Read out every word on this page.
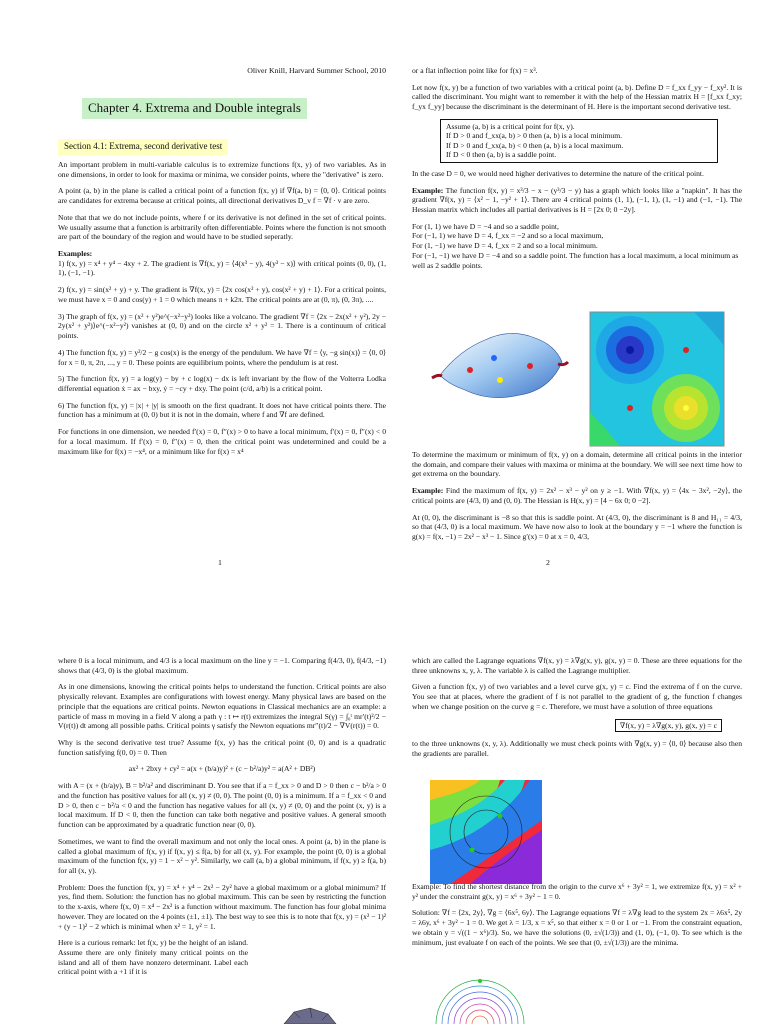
Oliver Knill, Harvard Summer School, 2010
Chapter 4. Extrema and Double integrals
Section 4.1: Extrema, second derivative test

An important problem in multi-variable calculus is to extremize functions f(x, y) of two variables. As in one dimensions, in order to look for maxima or minima, we consider points, where the "derivative" is zero.

A point (a, b) in the plane is called a critical point of a function f(x, y) if ∇f(a, b) = ⟨0, 0⟩. Critical points are candidates for extrema because at critical points, all directional derivatives D_v f = ∇f · v are zero.

Note that that we do not include points, where f or its derivative is not defined in the set of critical points. We usually assume that a function is arbitrarily often differentiable. Points where the function is not smooth are part of the boundary of the region and would have to be studied seperatly.

Examples:

1) f(x, y) = x⁴ + y⁴ − 4xy + 2. The gradient is ∇f(x, y) = ⟨4(x³ − y), 4(y³ − x)⟩ with critical points (0, 0), (1, 1), (−1, −1).

2) f(x, y) = sin(x² + y) + y. The gradient is ∇f(x, y) = ⟨2x cos(x² + y), cos(x² + y) + 1⟩. For a critical points, we must have x = 0 and cos(y) + 1 = 0 which means π + k2π. The critical points are at (0, π), (0, 3π), ....

3) The graph of f(x, y) = (x² + y²)e^(−x²−y²) looks like a volcano. The gradient ∇f = ⟨2x − 2x(x² + y²), 2y − 2y(x² + y²)⟩e^(−x²−y²) vanishes at (0, 0) and on the circle x² + y² = 1. There is a continuum of critical points.

4) The function f(x, y) = y²/2 − g cos(x) is the energy of the pendulum. We have ∇f = ⟨y, −g sin(x)⟩ = ⟨0, 0⟩ for x = 0, π, 2π, ..., y = 0. These points are equilibrium points, where the pendulum is at rest.

5) The function f(x, y) = a log(y) − by + c log(x) − dx is left invariant by the flow of the Volterra Lodka differential equation ẋ = ax − bxy, ẏ = −cy + dxy. The point (c/d, a/b) is a critical point.

6) The function f(x, y) = |x| + |y| is smooth on the first quadrant. It does not have critical points there. The function has a minimum at (0, 0) but it is not in the domain, where f and ∇f are defined.

For functions in one dimension, we needed f′(x) = 0, f″(x) > 0 to have a local minimum, f′(x) = 0, f″(x) < 0 for a local maximum. If f′(x) = 0, f″(x) = 0, then the critical point was undetermined and could be a maximum like for f(x) = −x⁴, or a minimum like for f(x) = x⁴

1

or a flat inflection point like for f(x) = x³.

Let now f(x, y) be a function of two variables with a critical point (a, b). Define D = f_xx f_yy − f_xy². It is called the discriminant. You might want to remember it with the help of the Hessian matrix H = [f_xx f_xy; f_yx f_yy] because the discriminant is the determinant of H. Here is the important second derivative test.

Assume (a, b) is a critical point for f(x, y).
If D > 0 and f_xx(a, b) > 0 then (a, b) is a local minimum.
If D > 0 and f_xx(a, b) < 0 then (a, b) is a local maximum.
If D < 0 then (a, b) is a saddle point.

In the case D = 0, we would need higher derivatives to determine the nature of the critical point.

Example: The function f(x, y) = x³/3 − x − (y³/3 − y) has a graph which looks like a "napkin". It has the gradient ∇f(x, y) = ⟨x² − 1, −y² + 1⟩. There are 4 critical points (1, 1), (−1, 1), (1, −1) and (−1, −1). The Hessian matrix which includes all partial derivatives is H = [2x 0; 0 −2y].

For (1, 1) we have D = −4 and so a saddle point,
For (−1, 1) we have D = 4, f_xx = −2 and so a local maximum,
For (1, −1) we have D = 4, f_xx = 2 and so a local minimum.
For (−1, −1) we have D = −4 and so a saddle point. The function has a local maximum, a local minimum as well as 2 saddle points.

To determine the maximum or minimum of f(x, y) on a domain, determine all critical points in the interior the domain, and compare their values with maxima or minima at the boundary. We will see next time how to get extrema on the boundary.

Example: Find the maximum of f(x, y) = 2x² − x³ − y² on y ≥ −1. With ∇f(x, y) = ⟨4x − 3x², −2y⟩, the critical points are (4/3, 0) and (0, 0). The Hessian is H(x, y) = [4 − 6x 0; 0 −2].

At (0, 0), the discriminant is −8 so that this is saddle point. At (4/3, 0), the discriminant is 8 and H₁₁ = 4/3, so that (4/3, 0) is a local maximum. We have now also to look at the boundary y = −1 where the function is g(x) = f(x, −1) = 2x² − x³ − 1. Since g′(x) = 0 at x = 0, 4/3,

2

where 0 is a local minimum, and 4/3 is a local maximum on the line y = −1. Comparing f(4/3, 0), f(4/3, −1) shows that (4/3, 0) is the global maximum.

As in one dimensions, knowing the critical points helps to understand the function. Critical points are also physically relevant. Examples are configurations with lowest energy. Many physical laws are based on the principle that the equations are critical points. Newton equations in Classical mechanics are an example: a particle of mass m moving in a field V along a path γ : t ↦ r(t) extremizes the integral S(γ) = ∫₀ᵗ mr′(t)²/2 − V(r(t)) dt among all possible paths. Critical points γ satisfy the Newton equations mr″(t)/2 − ∇V(r(t)) = 0.

Why is the second derivative test true? Assume f(x, y) has the critical point (0, 0) and is a quadratic function satisfying f(0, 0) = 0. Then

ax² + 2bxy + cy² = a(x + (b/a)y)² + (c − b²/a)y² = a(A² + DB²)

with A = (x + (b/a)y), B = b²/a² and discriminant D. You see that if a = f_xx > 0 and D > 0 then c − b²/a > 0 and the function has positive values for all (x, y) ≠ (0, 0). The point (0, 0) is a minimum. If a = f_xx < 0 and D > 0, then c − b²/a < 0 and the function has negative values for all (x, y) ≠ (0, 0) and the point (x, y) is a local maximum. If D < 0, then the function can take both negative and positive values. A general smooth function can be approximated by a quadratic function near (0, 0).

Sometimes, we want to find the overall maximum and not only the local ones. A point (a, b) in the plane is called a global maximum of f(x, y) if f(x, y) ≤ f(a, b) for all (x, y). For example, the point (0, 0) is a global maximum of the function f(x, y) = 1 − x² − y². Similarly, we call (a, b) a global minimum, if f(x, y) ≥ f(a, b) for all (x, y).

Problem: Does the function f(x, y) = x⁴ + y⁴ − 2x² − 2y² have a global maximum or a global minimum? If yes, find them. Solution: the function has no global maximum. This can be seen by restricting the function to the x-axis, where f(x, 0) = x⁴ − 2x² is a function without maximum. The function has four global minima however. They are located on the 4 points (±1, ±1). The best way to see this is to note that f(x, y) = (x² − 1)² + (y − 1)² − 2 which is minimal when x² = 1, y² = 1.

Here is a curious remark: let f(x, y) be the height of an island. Assume there are only finitely many critical points on the island and all of them have nonzero determinant. Label each critical point with a +1 if it is

which are called the Lagrange equations ∇f(x, y) = λ∇g(x, y), g(x, y) = 0. These are three equations for the three unknowns x, y, λ. The variable λ is called the Lagrange multiplier.

Given a function f(x, y) of two variables and a level curve g(x, y) = c. Find the extrema of f on the curve. You see that at places, where the gradient of f is not parallel to the gradient of g, the function f changes when we change position on the curve g = c. Therefore, we must have a solution of three equations

∇f(x, y) = λ∇g(x, y), g(x, y) = c

to the three unknowns (x, y, λ). Additionally we must check points with ∇g(x, y) = ⟨0, 0⟩ because also then the gradients are parallel.

Example: To find the shortest distance from the origin to the curve x⁶ + 3y² = 1, we extremize f(x, y) = x² + y² under the constraint g(x, y) = x⁶ + 3y² − 1 = 0.

Solution: ∇f = ⟨2x, 2y⟩, ∇g = ⟨6x⁵, 6y⟩. The Lagrange equations ∇f = λ∇g lead to the system 2x = λ6x⁵, 2y = λ6y, x⁶ + 3y² − 1 = 0. We get λ = 1/3, x = x⁵, so that either x = 0 or 1 or −1. From the constraint equation, we obtain y = √((1 − x⁶)/3). So, we have the solutions (0, ±√(1/3)) and (1, 0), (−1, 0). To see which is the minimum, just evaluate f on each of the points. We see that (0, ±√(1/3)) are the minima.
